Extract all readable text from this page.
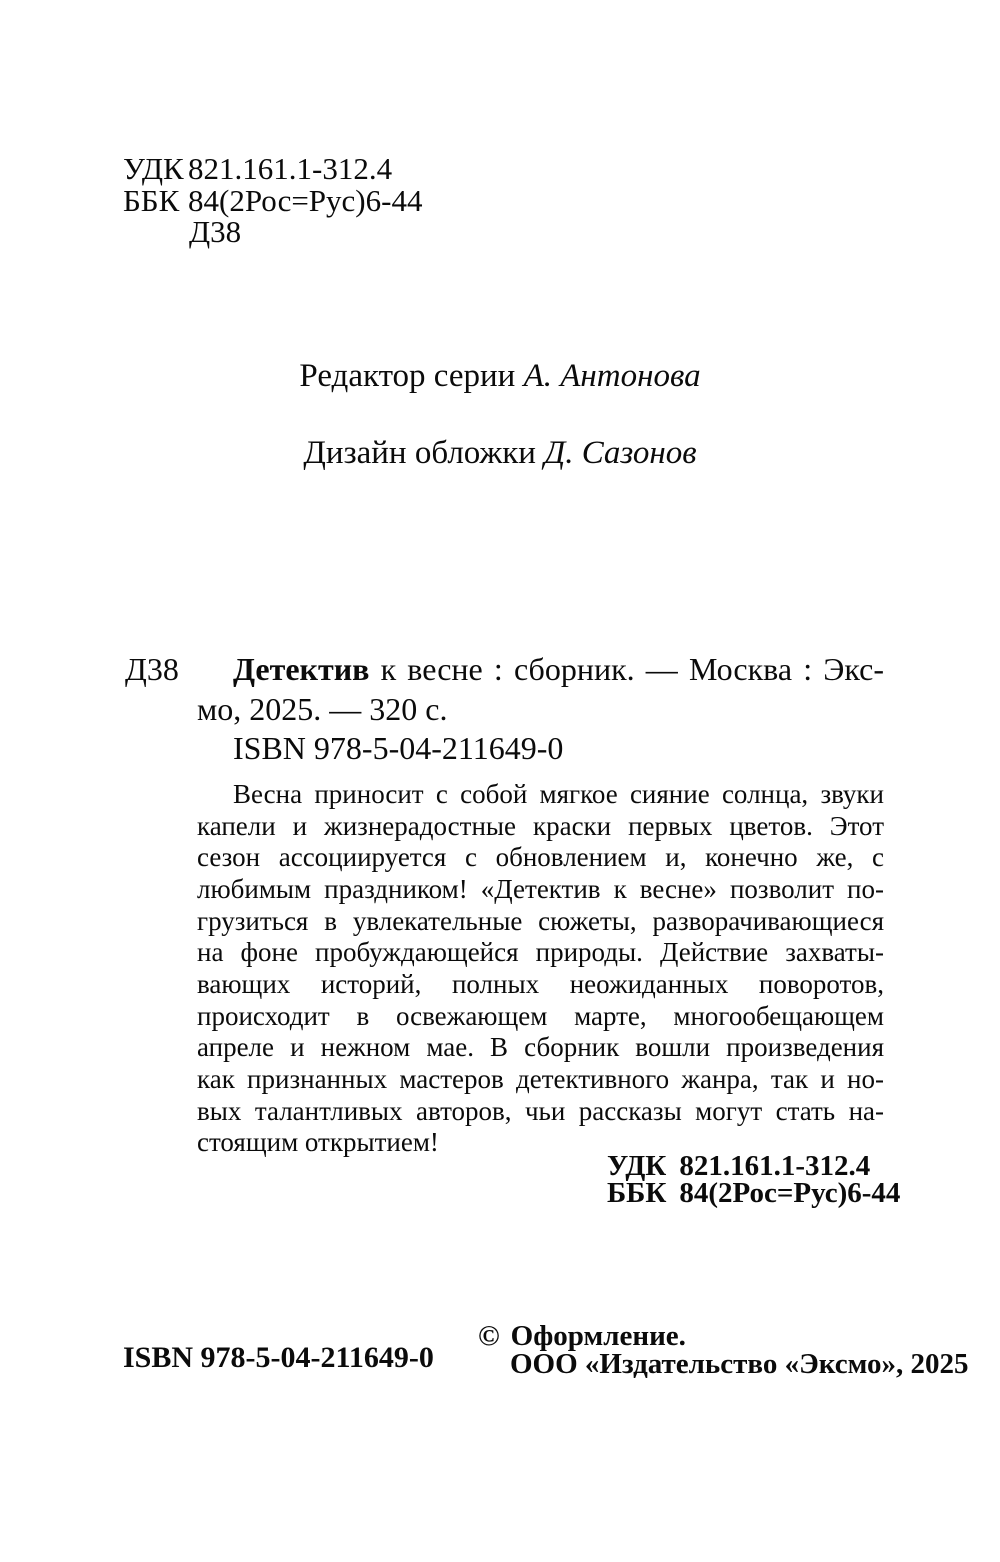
УДК 821.161.1-312.4
ББК 84(2Рос=Рус)6-44
Д38
Редактор серии А. Антонова
Дизайн обложки Д. Сазонов
Д38	Детектив к весне : сборник. — Москва : Экс-
мо, 2025. — 320 с.
ISBN 978-5-04-211649-0
Весна приносит с собой мягкое сияние солнца, звуки
капели и жизнерадостные краски первых цветов. Этот
сезон ассоциируется с обновлением и, конечно же, с
любимым праздником! «Детектив к весне» позволит по-
грузиться в увлекательные сюжеты, разворачивающиеся
на фоне пробуждающейся природы. Действие захваты-
вающих историй, полных неожиданных поворотов,
происходит в освежающем марте, многообещающем
апреле и нежном мае. В сборник вошли произведения
как признанных мастеров детективного жанра, так и но-
вых талантливых авторов, чьи рассказы могут стать на-
стоящим открытием!
УДК 821.161.1-312.4
ББК 84(2Рос=Рус)6-44
ISBN 978-5-04-211649-0
© Оформление.
ООО «Издательство «Эксмо», 2025
